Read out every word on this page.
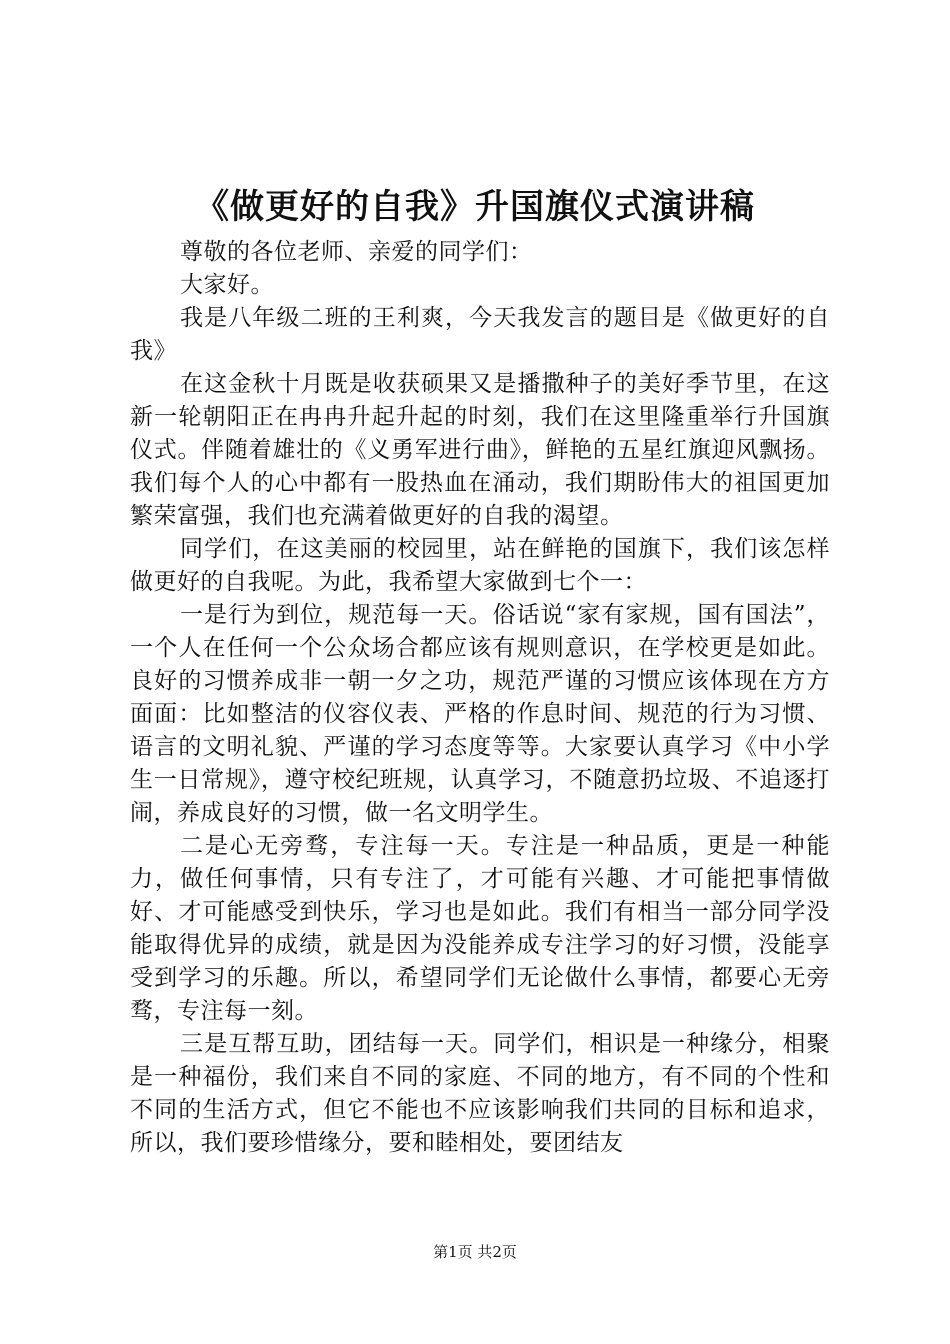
《做更好的自我》升国旗仪式演讲稿

尊敬的各位老师、亲爱的同学们：

大家好。

我是八年级二班的王利爽，今天我发言的题目是《做更好的自我》

在这金秋十月既是收获硕果又是播撒种子的美好季节里，在这新一轮朝阳正在冉冉升起升起的时刻，我们在这里隆重举行升国旗仪式。伴随着雄壮的《义勇军进行曲》，鲜艳的五星红旗迎风飘扬。我们每个人的心中都有一股热血在涌动，我们期盼伟大的祖国更加繁荣富强，我们也充满着做更好的自我的渴望。

同学们，在这美丽的校园里，站在鲜艳的国旗下，我们该怎样做更好的自我呢。为此，我希望大家做到七个一：

一是行为到位，规范每一天。俗话说“家有家规，国有国法”，一个人在任何一个公众场合都应该有规则意识，在学校更是如此。良好的习惯养成非一朝一夕之功，规范严谨的习惯应该体现在方方面面：比如整洁的仪容仪表、严格的作息时间、规范的行为习惯、语言的文明礼貌、严谨的学习态度等等。大家要认真学习《中小学生一日常规》，遵守校纪班规，认真学习，不随意扔垃圾、不追逐打闹，养成良好的习惯，做一名文明学生。

二是心无旁骛，专注每一天。专注是一种品质，更是一种能力，做任何事情，只有专注了，才可能有兴趣、才可能把事情做好、才可能感受到快乐，学习也是如此。我们有相当一部分同学没能取得优异的成绩，就是因为没能养成专注学习的好习惯，没能享受到学习的乐趣。所以，希望同学们无论做什么事情，都要心无旁骛，专注每一刻。

三是互帮互助，团结每一天。同学们，相识是一种缘分，相聚是一种福份，我们来自不同的家庭、不同的地方，有不同的个性和不同的生活方式，但它不能也不应该影响我们共同的目标和追求，所以，我们要珍惜缘分，要和睦相处，要团结友

第1页 共2页
